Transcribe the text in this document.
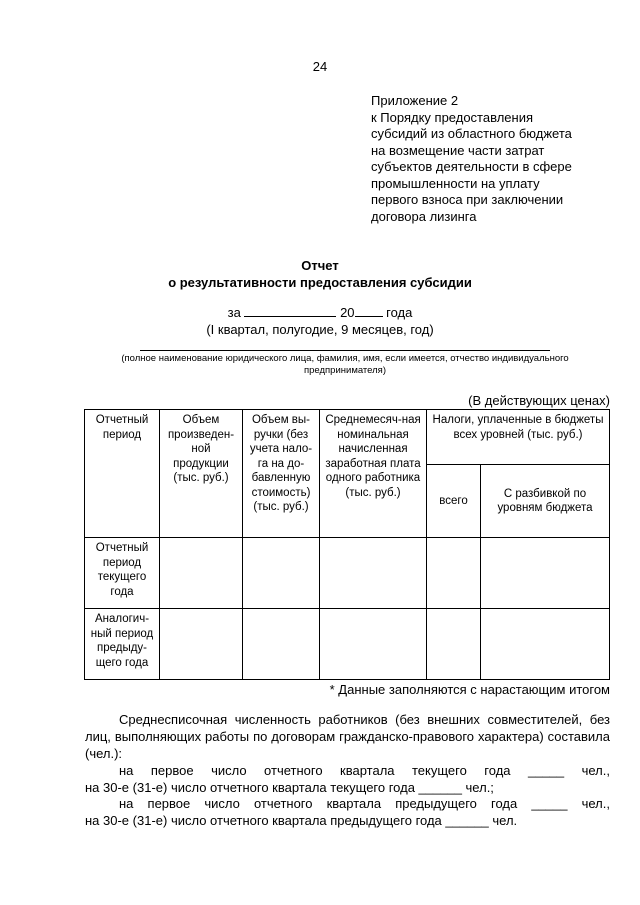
24
Приложение 2
к Порядку предоставления
субсидий из областного бюджета
на возмещение части затрат
субъектов деятельности в сфере
промышленности на уплату
первого взноса при заключении
договора лизинга
Отчет
о результативности предоставления субсидии
за	20 года
(I квартал, полугодие, 9 месяцев, год)
(полное наименование юридического лица, фамилия, имя, если имеется, отчество индивидуального предпринимателя)
(В действующих ценах)
Отчетный период	Объем произведен-ной продукции (тыс. руб.)	Объем вы-ручки (без учета нало-га на до-бавленную стоимость) (тыс. руб.)	Среднемесяч-ная номинальная начисленная заработная плата одного работника (тыс. руб.)	Налоги, уплаченные в бюджеты всех уровней (тыс. руб.)	
				всего	С разбивкой по уровням бюджета
Отчетный период текущего года					
Аналогич-ный период предыду-щего года					
* Данные заполняются с нарастающим итогом
Среднесписочная численность работников (без внешних совместителей, без лиц, выполняющих работы по договорам гражданско-правового характера) составила (чел.):
на первое число отчетного квартала текущего года _____ чел.,
на 30-е (31-е) число отчетного квартала текущего года ______ чел.;
на первое число отчетного квартала предыдущего года _____ чел.,
на 30-е (31-е) число отчетного квартала предыдущего года ______ чел.
